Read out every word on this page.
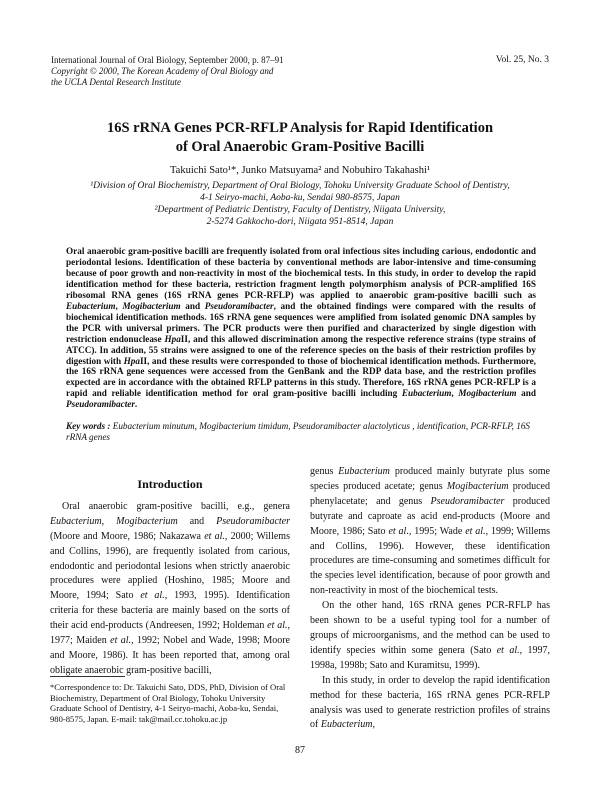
International Journal of Oral Biology, September 2000, p. 87–91
Copyright © 2000, The Korean Academy of Oral Biology and
the UCLA Dental Research Institute
Vol. 25, No. 3
16S rRNA Genes PCR-RFLP Analysis for Rapid Identification
of Oral Anaerobic Gram-Positive Bacilli
Takuichi Sato¹*, Junko Matsuyama² and Nobuhiro Takahashi¹
¹Division of Oral Biochemistry, Department of Oral Biology, Tohoku University Graduate School of Dentistry,
4-1 Seiryo-machi, Aoba-ku, Sendai 980-8575, Japan
²Department of Pediatric Dentistry, Faculty of Dentistry, Niigata University,
2-5274 Gakkocho-dori, Niigata 951-8514, Japan
Oral anaerobic gram-positive bacilli are frequently isolated from oral infectious sites including carious, endodontic and periodontal lesions. Identification of these bacteria by conventional methods are labor-intensive and time-consuming because of poor growth and non-reactivity in most of the biochemical tests. In this study, in order to develop the rapid identification method for these bacteria, restriction fragment length polymorphism analysis of PCR-amplified 16S ribosomal RNA genes (16S rRNA genes PCR-RFLP) was applied to anaerobic gram-positive bacilli such as Eubacterium, Mogibacterium and Pseudoramibacter, and the obtained findings were compared with the results of biochemical identification methods. 16S rRNA gene sequences were amplified from isolated genomic DNA samples by the PCR with universal primers. The PCR products were then purified and characterized by single digestion with restriction endonuclease HpaII, and this allowed discrimination among the respective reference strains (type strains of ATCC). In addition, 55 strains were assigned to one of the reference species on the basis of their restriction profiles by digestion with HpaII, and these results were corresponded to those of biochemical identification methods. Furthermore, the 16S rRNA gene sequences were accessed from the GenBank and the RDP data base, and the restriction profiles expected are in accordance with the obtained RFLP patterns in this study. Therefore, 16S rRNA genes PCR-RFLP is a rapid and reliable identification method for oral gram-positive bacilli including Eubacterium, Mogibacterium and Pseudoramibacter.
Key words : Eubacterium minutum, Mogibacterium timidum, Pseudoramibacter alactolyticus , identification, PCR-RFLP, 16S rRNA genes

Introduction

Oral anaerobic gram-positive bacilli, e.g., genera Eubacterium, Mogibacterium and Pseudoramibacter (Moore and Moore, 1986; Nakazawa et al., 2000; Willems and Collins, 1996), are frequently isolated from carious, endodontic and periodontal lesions when strictly anaerobic procedures were applied (Hoshino, 1985; Moore and Moore, 1994; Sato et al., 1993, 1995). Identification criteria for these bacteria are mainly based on the sorts of their acid end-products (Andreesen, 1992; Holdeman et al., 1977; Maiden et al., 1992; Nobel and Wade, 1998; Moore and Moore, 1986). It has been reported that, among oral obligate anaerobic gram-positive bacilli,

*Correspondence to: Dr. Takuichi Sato, DDS, PhD, Division of Oral Biochemistry, Department of Oral Biology, Tohoku University Graduate School of Dentistry, 4-1 Seiryo-machi, Aoba-ku, Sendai, 980-8575, Japan. E-mail: tak@mail.cc.tohoku.ac.jp

genus Eubacterium produced mainly butyrate plus some species produced acetate; genus Mogibacterium produced phenylacetate; and genus Pseudoramibacter produced butyrate and caproate as acid end-products (Moore and Moore, 1986; Sato et al., 1995; Wade et al., 1999; Willems and Collins, 1996). However, these identification procedures are time-consuming and sometimes difficult for the species level identification, because of poor growth and non-reactivity in most of the biochemical tests.

On the other hand, 16S rRNA genes PCR-RFLP has been shown to be a useful typing tool for a number of groups of microorganisms, and the method can be used to identify species within some genera (Sato et al., 1997, 1998a, 1998b; Sato and Kuramitsu, 1999).

In this study, in order to develop the rapid identification method for these bacteria, 16S rRNA genes PCR-RFLP analysis was used to generate restriction profiles of strains of Eubacterium,

87
